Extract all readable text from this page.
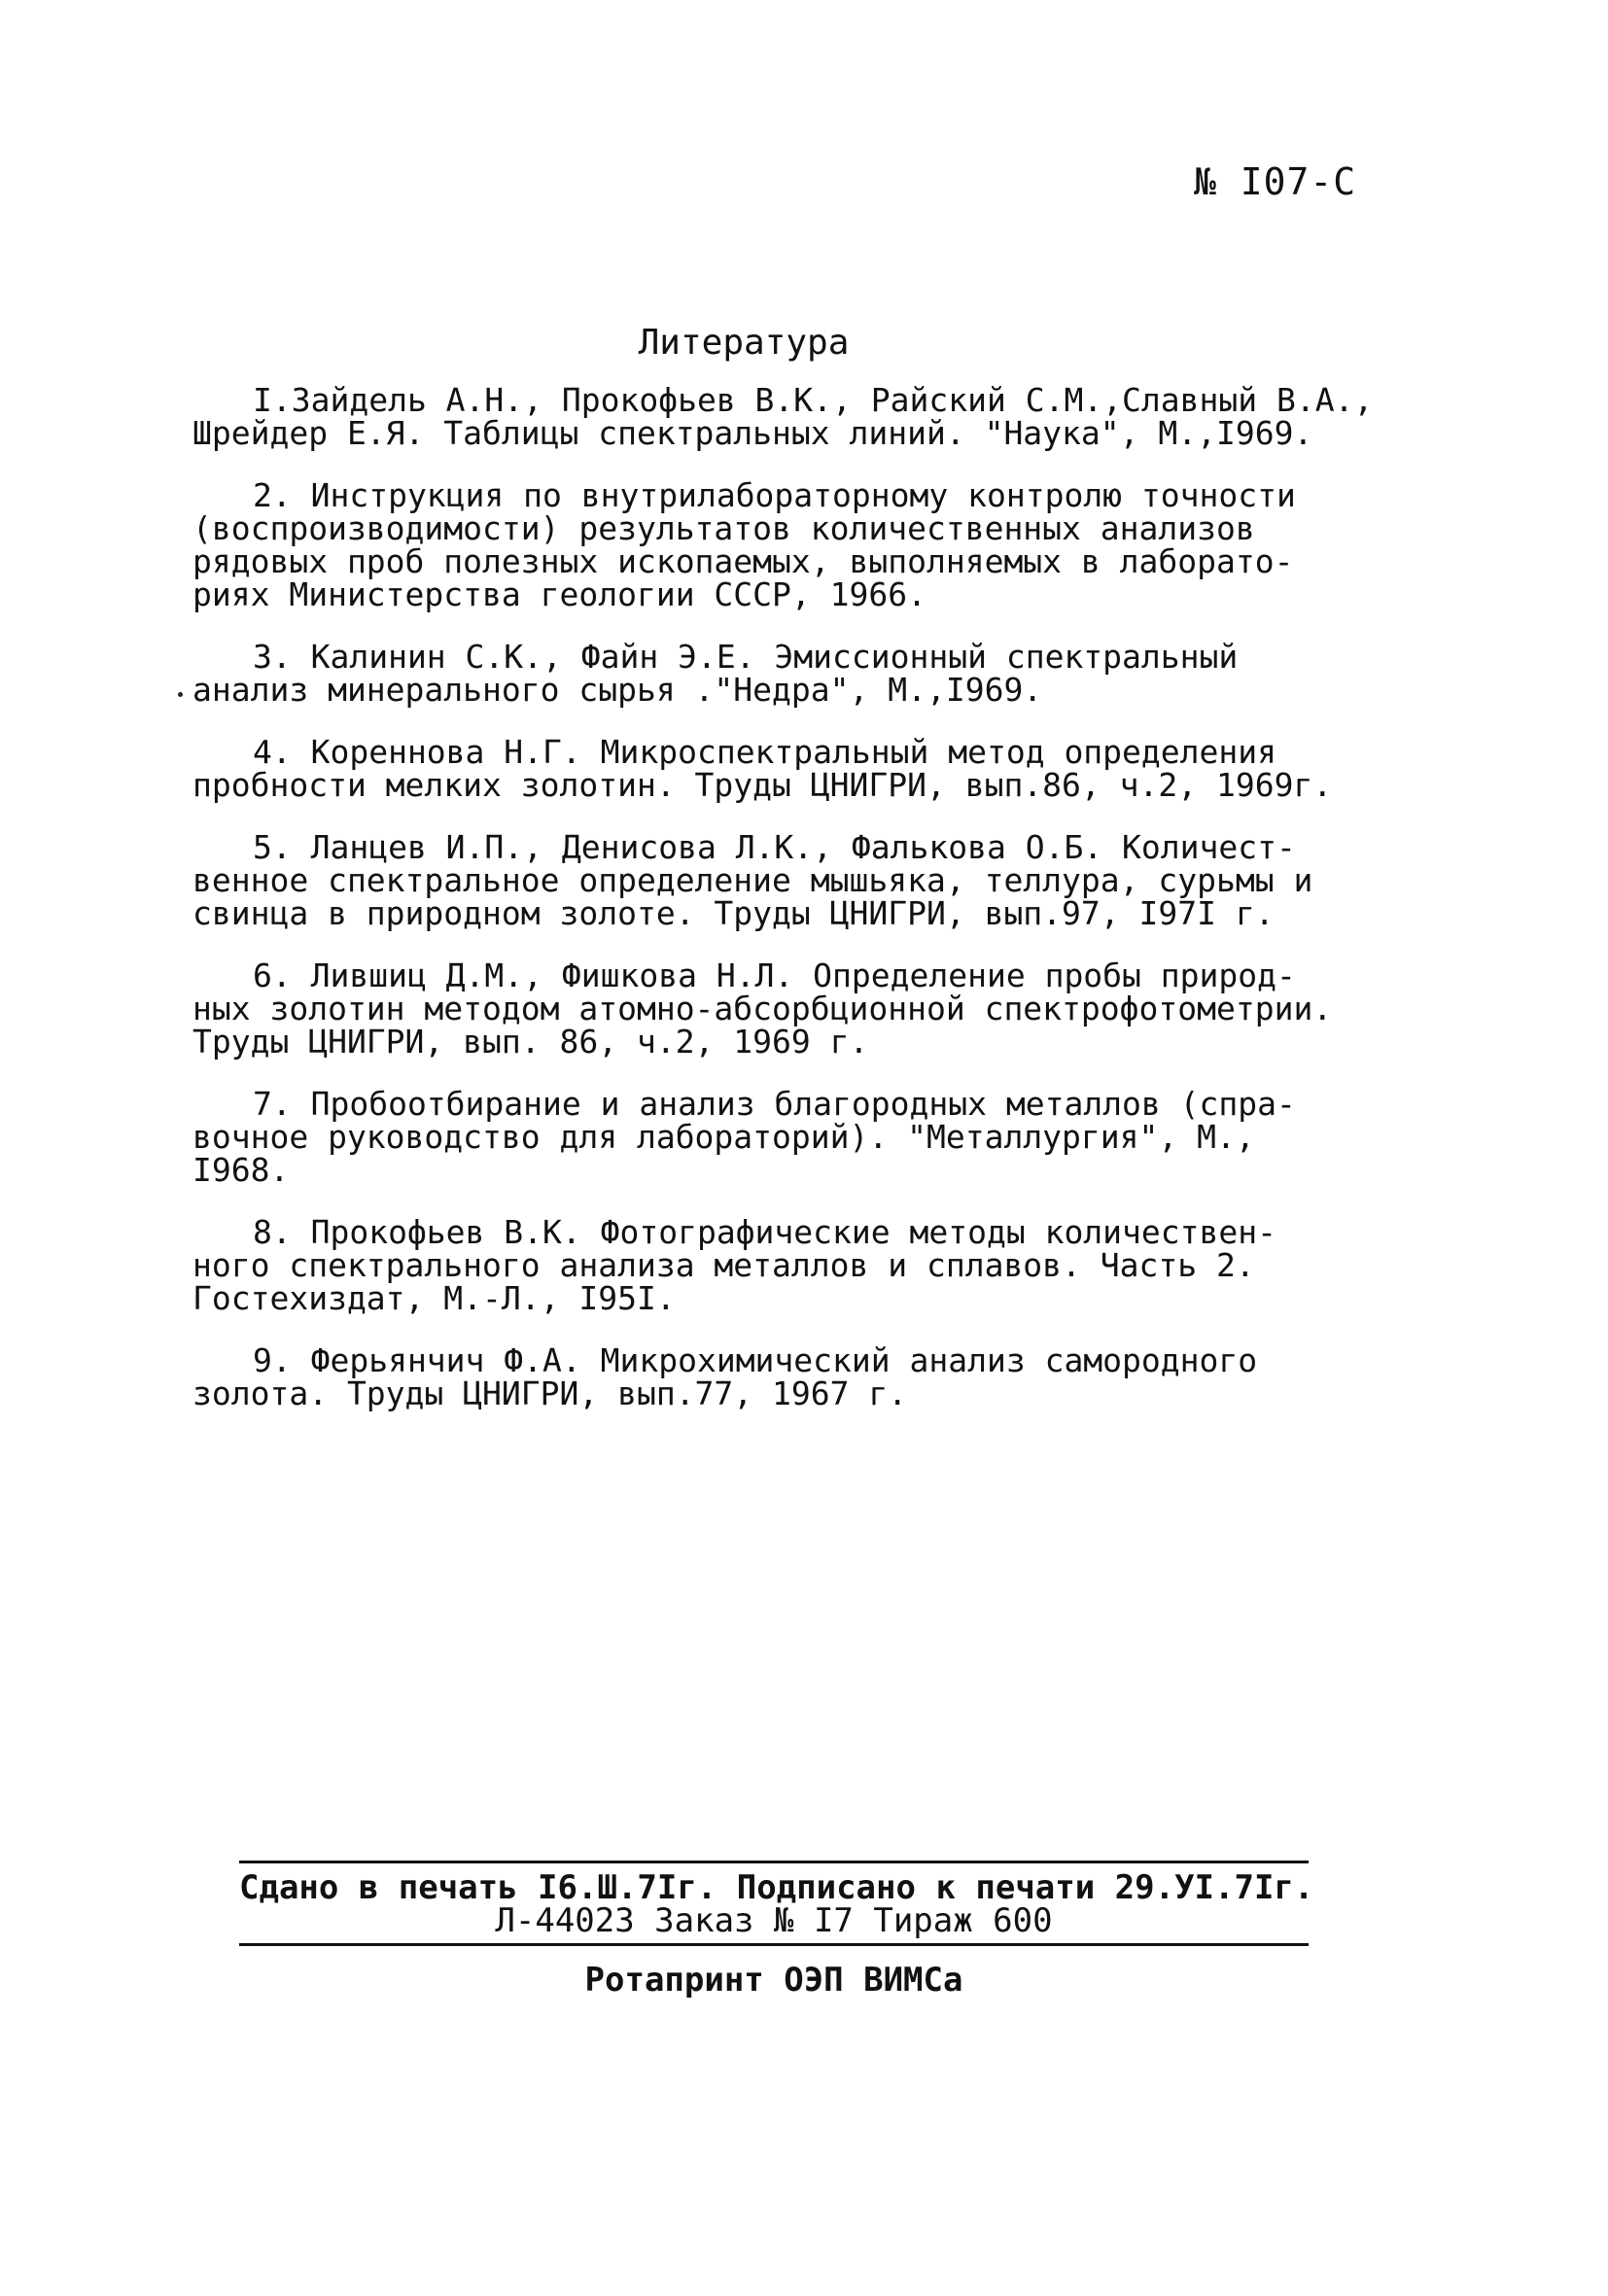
№ I07-С
Литература
I.Зайдель А.Н., Прокофьев В.К., Райский С.М.,Славный В.А.,
Шрейдер Е.Я. Таблицы спектральных линий. "Наука", М.,I969.
2. Инструкция по внутрилабораторному контролю точности
(воспроизводимости) результатов количественных анализов
рядовых проб полезных ископаемых, выполняемых в лаборато-
риях Министерства геологии СССР, 1966.
3. Калинин С.К., Файн Э.Е. Эмиссионный спектральный
анализ минерального сырья ."Недра", М.,I969.
4. Кореннова Н.Г. Микроспектральный метод определения
пробности мелких золотин. Труды ЦНИГРИ, вып.86, ч.2, 1969г.
5. Ланцев И.П., Денисова Л.К., Фалькова О.Б. Количест-
венное спектральное определение мышьяка, теллура, сурьмы и
свинца в природном золоте. Труды ЦНИГРИ, вып.97, I97I г.
6. Лившиц Д.М., Фишкова Н.Л. Определение пробы природ-
ных золотин методом атомно-абсорбционной спектрофотометрии.
Труды ЦНИГРИ, вып. 86, ч.2, 1969 г.
7. Пробоотбирание и анализ благородных металлов (спра-
вочное руководство для лабораторий). "Металлургия", М.,
I968.
8. Прокофьев В.К. Фотографические методы количествен-
ного спектрального анализа металлов и сплавов. Часть 2.
Гостехиздат, М.-Л., I95I.
9. Ферьянчич Ф.А. Микрохимический анализ самородного
золота. Труды ЦНИГРИ, вып.77, 1967 г.
Сдано в печать I6.Ш.7Iг. Подписано к печати 29.УI.7Iг.
Л-44023 Заказ № I7 Тираж 600
Ротапринт ОЭП ВИМСа
